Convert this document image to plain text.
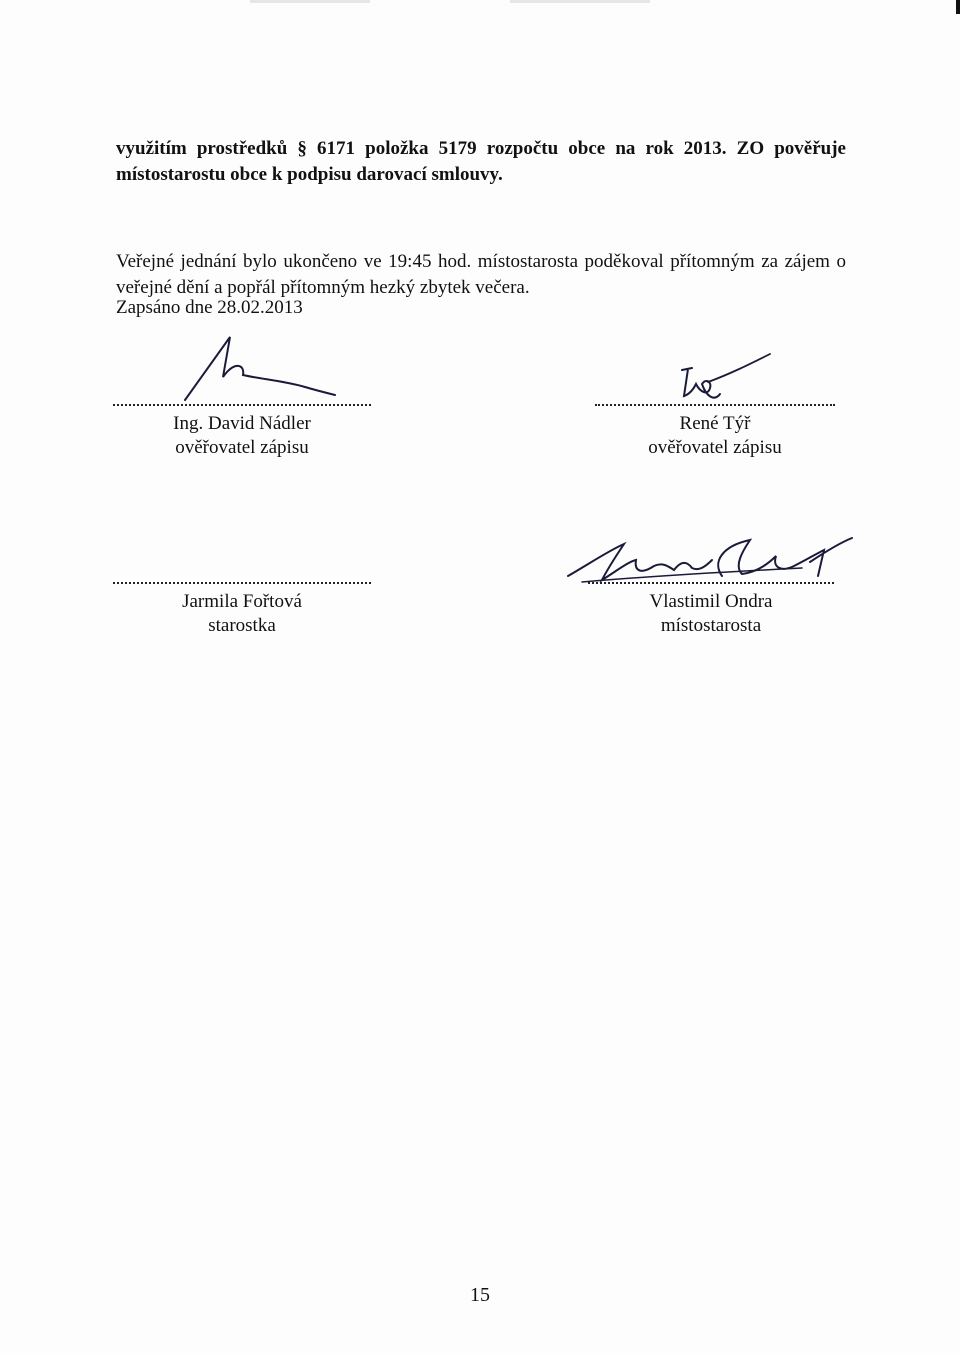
využitím prostředků § 6171 položka 5179 rozpočtu obce na rok 2013. ZO pověřuje místostarostu obce k podpisu darovací smlouvy.

Veřejné jednání bylo ukončeno ve 19:45 hod. místostarosta poděkoval přítomným za zájem o veřejné dění a popřál přítomným hezký zbytek večera.

Zapsáno dne 28.02.2013
Ing. David Nádler
ověřovatel zápisu
René Týř
ověřovatel zápisu
Jarmila Fořtová
starostka
Vlastimil Ondra
místostarosta
15
